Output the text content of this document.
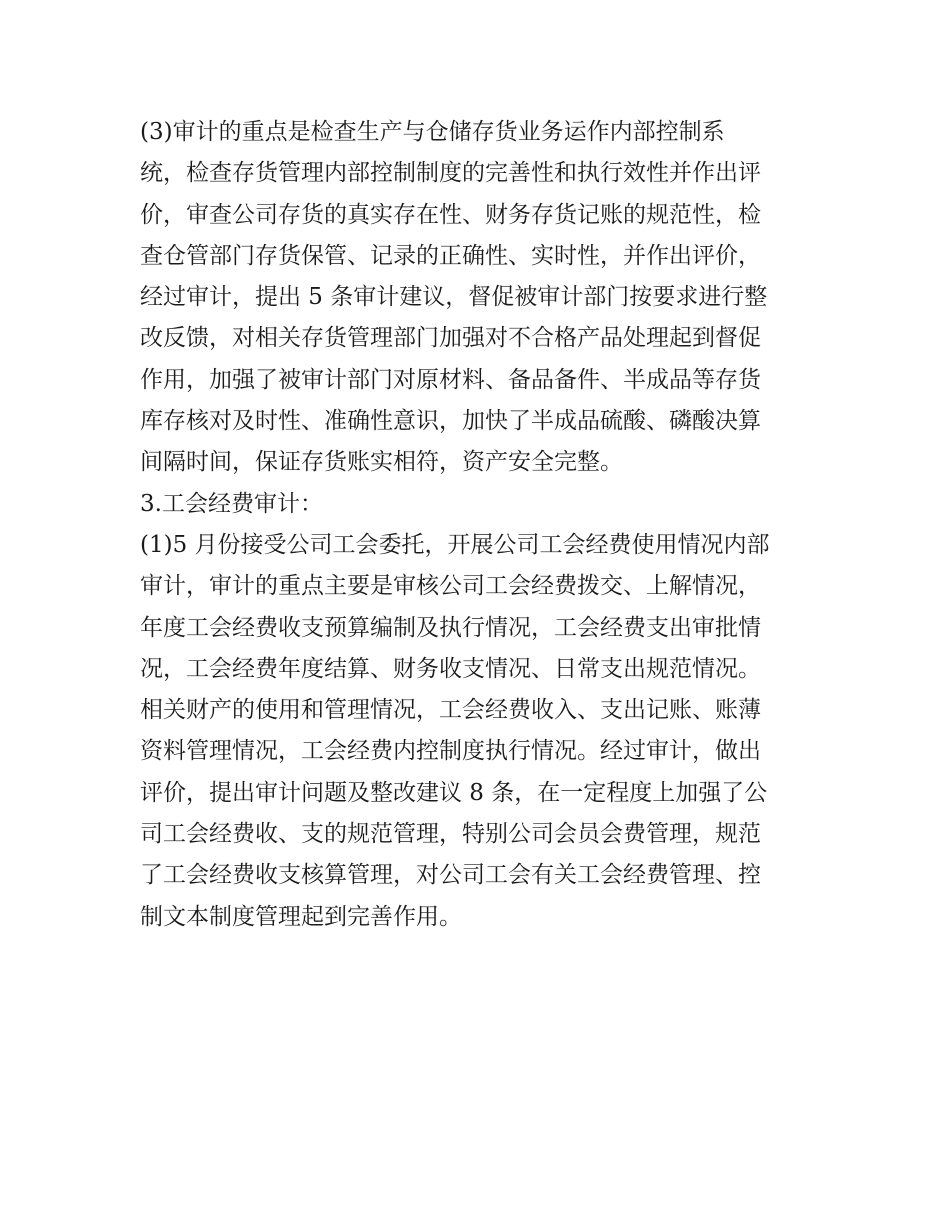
(3)审计的重点是检查生产与仓储存货业务运作内部控制系
统，检查存货管理内部控制制度的完善性和执行效性并作出评
价，审查公司存货的真实存在性、财务存货记账的规范性，检
查仓管部门存货保管、记录的正确性、实时性，并作出评价，
经过审计，提出 5 条审计建议，督促被审计部门按要求进行整
改反馈，对相关存货管理部门加强对不合格产品处理起到督促
作用，加强了被审计部门对原材料、备品备件、半成品等存货
库存核对及时性、准确性意识，加快了半成品硫酸、磷酸决算
间隔时间，保证存货账实相符，资产安全完整。
3.工会经费审计：
(1)5 月份接受公司工会委托，开展公司工会经费使用情况内部
审计，审计的重点主要是审核公司工会经费拨交、上解情况，
年度工会经费收支预算编制及执行情况，工会经费支出审批情
况，工会经费年度结算、财务收支情况、日常支出规范情况。
相关财产的使用和管理情况，工会经费收入、支出记账、账薄
资料管理情况，工会经费内控制度执行情况。经过审计，做出
评价，提出审计问题及整改建议 8 条，在一定程度上加强了公
司工会经费收、支的规范管理，特别公司会员会费管理，规范
了工会经费收支核算管理，对公司工会有关工会经费管理、控
制文本制度管理起到完善作用。
